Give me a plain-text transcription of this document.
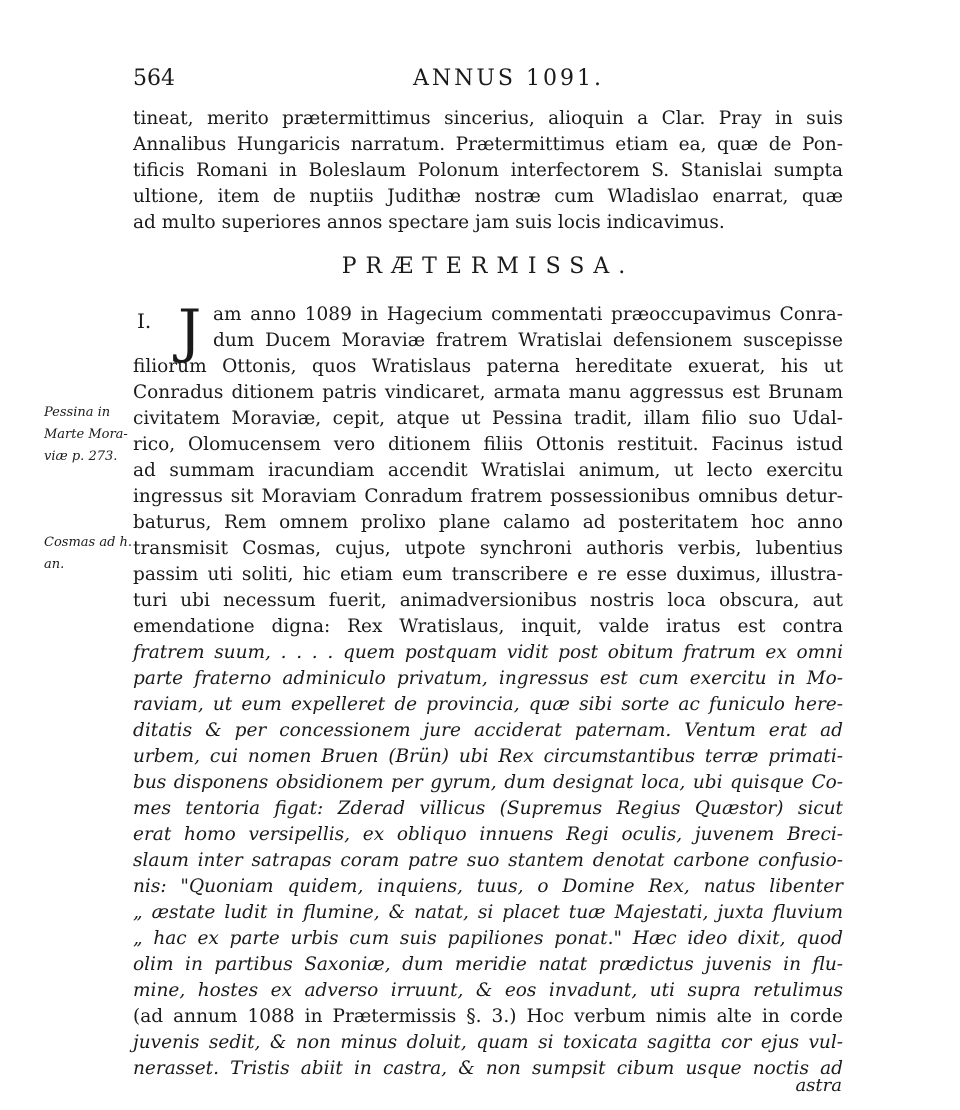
564	ANNUS 1091.
tineat, merito prætermittimus sincerius, alioquin a Clar. Pray in suis
Annalibus Hungaricis narratum. Prætermittimus etiam ea, quæ de Pon-
tificis Romani in Boleslaum Polonum interfectorem S. Stanislai sumpta
ultione, item de nuptiis Judithæ nostræ cum Wladislao enarrat, quæ
ad multo superiores annos spectare jam suis locis indicavimus.
PRÆTERMISSA.
I. J am anno 1089 in Hagecium commentati præoccupavimus Conra-
dum Ducem Moraviæ fratrem Wratislai defensionem suscepisse
filiorum Ottonis, quos Wratislaus paterna hereditate exuerat, his ut
Conradus ditionem patris vindicaret, armata manu aggressus est Brunam
civitatem Moraviæ, cepit, atque ut Pessina tradit, illam filio suo Udal-
rico, Olomucensem vero ditionem filiis Ottonis restituit. Facinus istud
ad summam iracundiam accendit Wratislai animum, ut lecto exercitu
ingressus sit Moraviam Conradum fratrem possessionibus omnibus detur-
baturus, Rem omnem prolixo plane calamo ad posteritatem hoc anno
transmisit Cosmas, cujus, utpote synchroni authoris verbis, lubentius
passim uti soliti, hic etiam eum transcribere e re esse duximus, illustra-
turi ubi necessum fuerit, animadversionibus nostris loca obscura, aut
emendatione digna: Rex Wratislaus, inquit, valde iratus est contra
fratrem suum, . . . . quem postquam vidit post obitum fratrum ex omni
parte fraterno adminiculo privatum, ingressus est cum exercitu in Mo-
raviam, ut eum expelleret de provincia, quæ sibi sorte ac funiculo here-
ditatis & per concessionem jure acciderat paternam. Ventum erat ad
urbem, cui nomen Bruen (Brün) ubi Rex circumstantibus terræ primati-
bus disponens obsidionem per gyrum, dum designat loca, ubi quisque Co-
mes tentoria figat: Zderad villicus (Supremus Regius Quæstor) sicut
erat homo versipellis, ex obliquo innuens Regi oculis, juvenem Breci-
slaum inter satrapas coram patre suo stantem denotat carbone confusio-
nis: "Quoniam quidem, inquiens, tuus, o Domine Rex, natus libenter
„ æstate ludit in flumine, & natat, si placet tuæ Majestati, juxta fluvium
„ hac ex parte urbis cum suis papiliones ponat." Hæc ideo dixit, quod
olim in partibus Saxoniæ, dum meridie natat prædictus juvenis in flu-
mine, hostes ex adverso irruunt, & eos invadunt, uti supra retulimus
(ad annum 1088 in Prætermissis §. 3.) Hoc verbum nimis alte in corde
juvenis sedit, & non minus doluit, quam si toxicata sagitta cor ejus vul-
nerasset. Tristis abiit in castra, & non sumpsit cibum usque noctis ad
astra
Pessina in
Marte Mora-
viæ p. 273.
Cosmas ad h.
an.
